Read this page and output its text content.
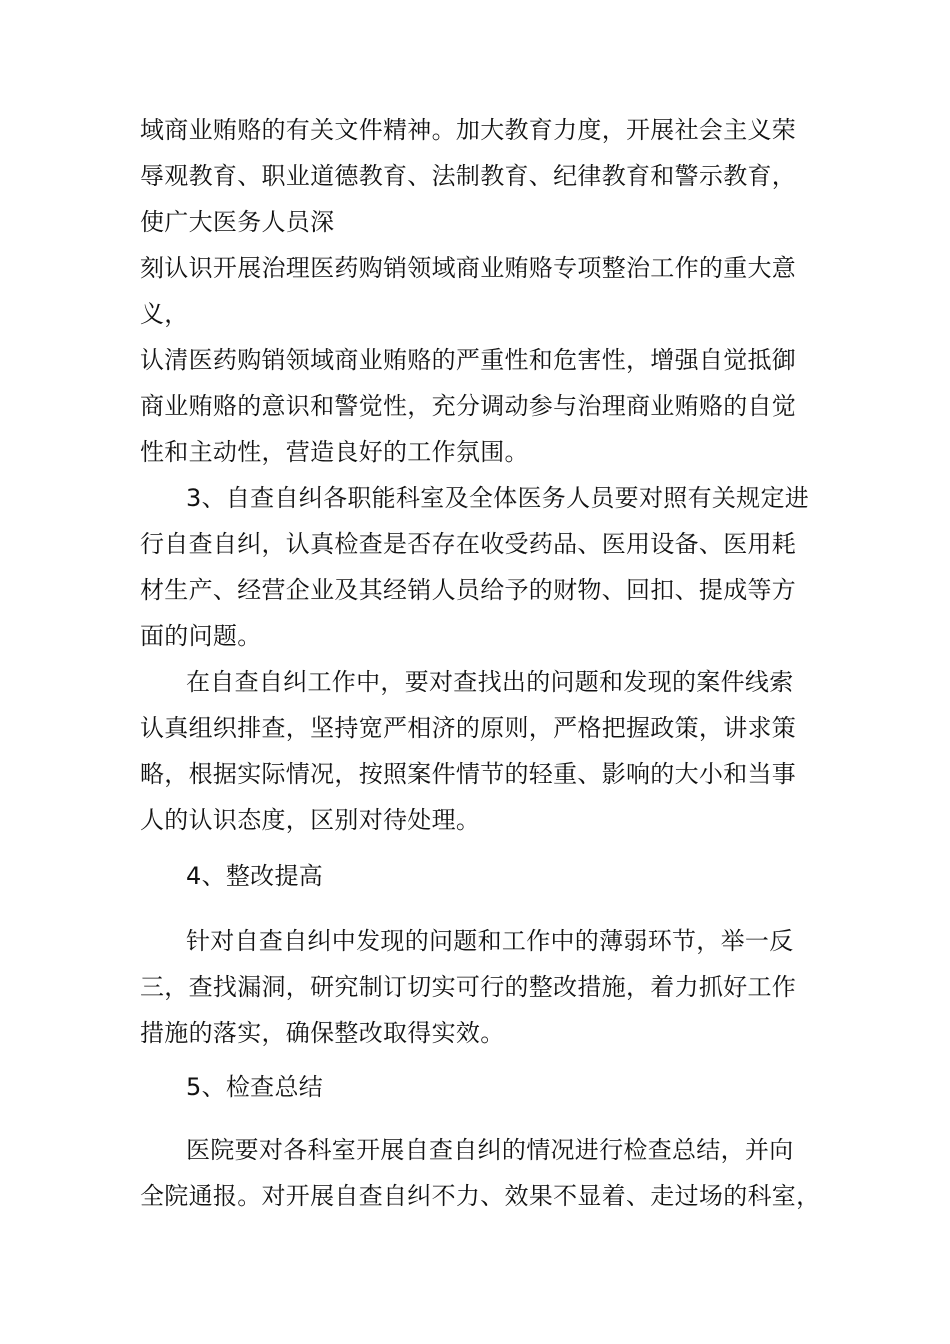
域商业贿赂的有关文件精神。加大教育力度，开展社会主义荣
辱观教育、职业道德教育、法制教育、纪律教育和警示教育，
使广大医务人员深
刻认识开展治理医药购销领域商业贿赂专项整治工作的重大意
义，
认清医药购销领域商业贿赂的严重性和危害性，增强自觉抵御
商业贿赂的意识和警觉性，充分调动参与治理商业贿赂的自觉
性和主动性，营造良好的工作氛围。
3、自查自纠各职能科室及全体医务人员要对照有关规定进
行自查自纠，认真检查是否存在收受药品、医用设备、医用耗
材生产、经营企业及其经销人员给予的财物、回扣、提成等方
面的问题。
在自查自纠工作中，要对查找出的问题和发现的案件线索
认真组织排查，坚持宽严相济的原则，严格把握政策，讲求策
略，根据实际情况，按照案件情节的轻重、影响的大小和当事
人的认识态度，区别对待处理。
4、整改提高
针对自查自纠中发现的问题和工作中的薄弱环节，举一反
三，查找漏洞，研究制订切实可行的整改措施，着力抓好工作
措施的落实，确保整改取得实效。
5、检查总结
医院要对各科室开展自查自纠的情况进行检查总结，并向
全院通报。对开展自查自纠不力、效果不显着、走过场的科室，
